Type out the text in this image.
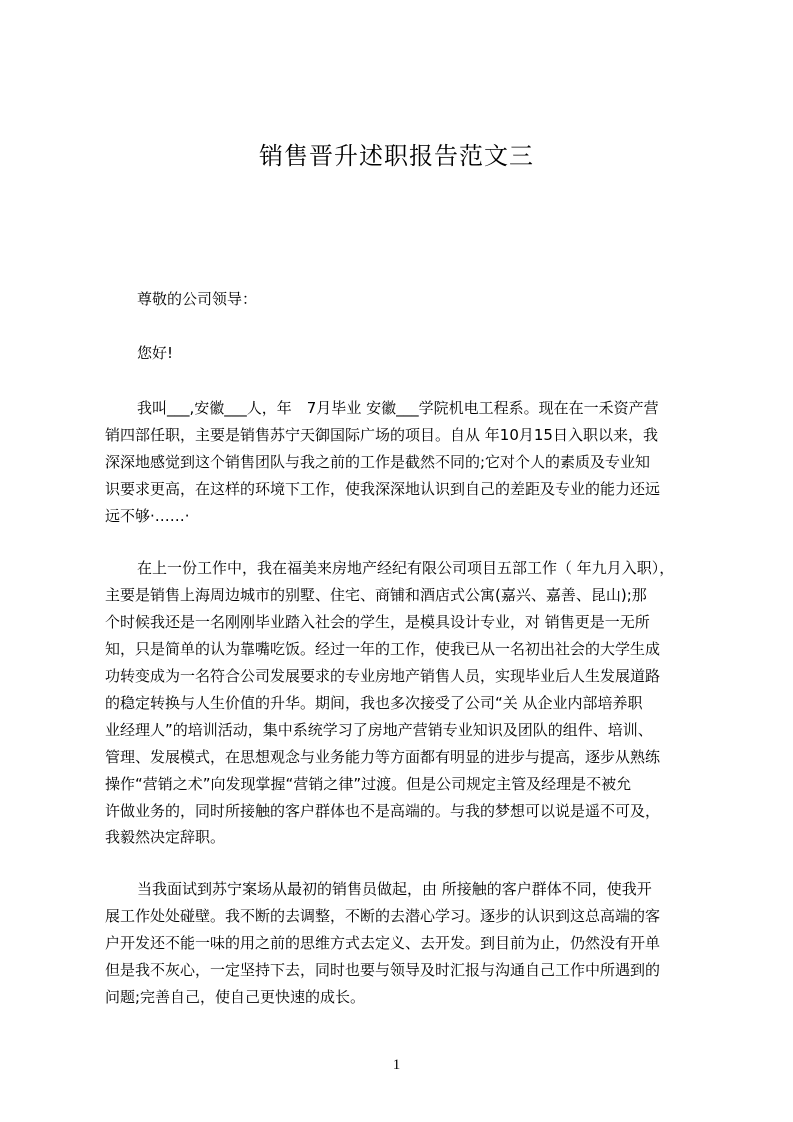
销售晋升述职报告范文三
尊敬的公司领导：
您好!
我叫___,安徽___人，年　7月毕业 安徽___学院机电工程系。现在在一禾资产营
销四部任职，主要是销售苏宁天御国际广场的项目。自从 年10月15日入职以来，我
深深地感觉到这个销售团队与我之前的工作是截然不同的;它对个人的素质及专业知
识要求更高，在这样的环境下工作，使我深深地认识到自己的差距及专业的能力还远
远不够·……·
在上一份工作中，我在福美来房地产经纪有限公司项目五部工作（ 年九月入职），
主要是销售上海周边城市的别墅、住宅、商铺和酒店式公寓(嘉兴、嘉善、昆山);那
个时候我还是一名刚刚毕业踏入社会的学生，是模具设计专业，对 销售更是一无所
知，只是简单的认为靠嘴吃饭。经过一年的工作，使我已从一名初出社会的大学生成
功转变成为一名符合公司发展要求的专业房地产销售人员，实现毕业后人生发展道路
的稳定转换与人生价值的升华。期间，我也多次接受了公司“关 从企业内部培养职
业经理人”的培训活动，集中系统学习了房地产营销专业知识及团队的组件、培训、
管理、发展模式，在思想观念与业务能力等方面都有明显的进步与提高，逐步从熟练
操作“营销之术”向发现掌握“营销之律”过渡。但是公司规定主管及经理是不被允
许做业务的，同时所接触的客户群体也不是高端的。与我的梦想可以说是遥不可及，
我毅然决定辞职。
当我面试到苏宁案场从最初的销售员做起，由 所接触的客户群体不同，使我开
展工作处处碰壁。我不断的去调整，不断的去潜心学习。逐步的认识到这总高端的客
户开发还不能一味的用之前的思维方式去定义、去开发。到目前为止，仍然没有开单
但是我不灰心，一定坚持下去，同时也要与领导及时汇报与沟通自己工作中所遇到的
问题;完善自己，使自己更快速的成长。
1
